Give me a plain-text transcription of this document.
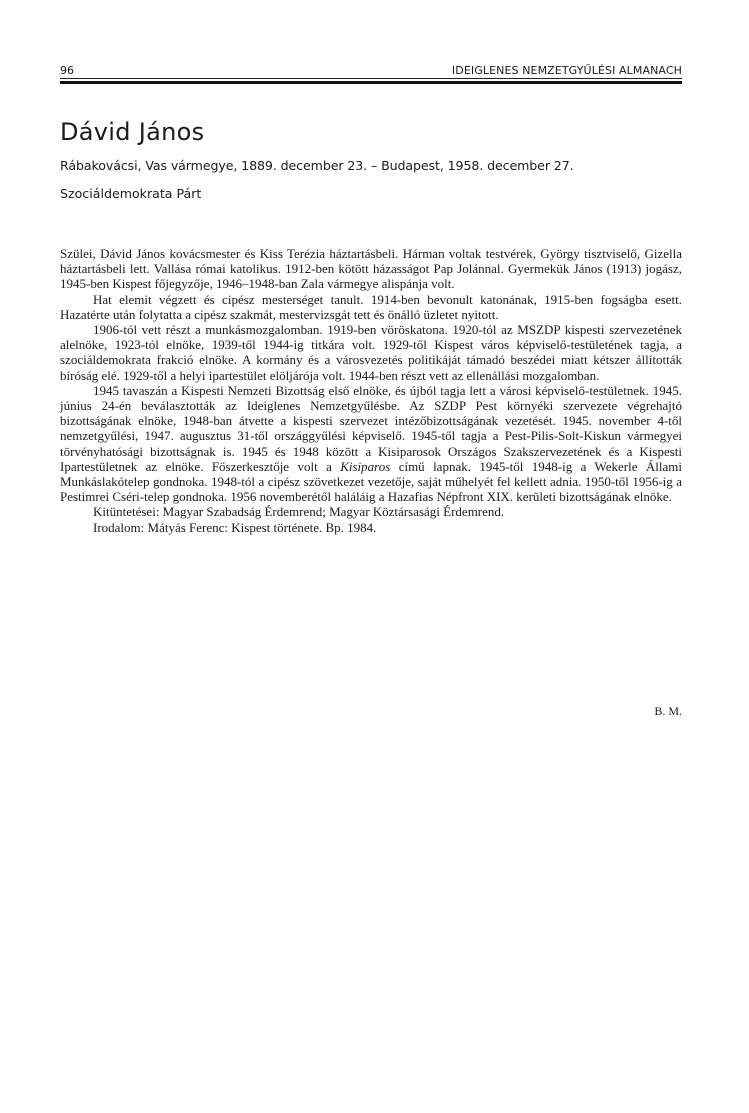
96	IDEIGLENES NEMZETGYŰLÉSI ALMANACH
Dávid János
Rábakovácsi, Vas vármegye, 1889. december 23. – Budapest, 1958. december 27.
Szociáldemokrata Párt

Szülei, Dávid János kovácsmester és Kiss Terézia háztartásbeli. Hárman voltak testvérek, György tisztviselő, Gizella háztartásbeli lett. Vallása római katolikus. 1912-ben kötött házasságot Pap Jolánnal. Gyermekük János (1913) jogász, 1945-ben Kispest főjegyzője, 1946–1948-ban Zala vármegye alispánja volt.

Hat elemit végzett és cipész mesterséget tanult. 1914-ben bevonult katonának, 1915-ben fogságba esett. Hazatérte után folytatta a cipész szakmát, mestervizsgát tett és önálló üzletet nyitott.

1906-tól vett részt a munkásmozgalomban. 1919-ben vöröskatona. 1920-tól az MSZDP kispesti szervezetének alelnöke, 1923-tól elnöke, 1939-től 1944-ig titkára volt. 1929-től Kispest város képviselő-testületének tagja, a szociáldemokrata frakció elnöke. A kormány és a városvezetés politikáját támadó beszédei miatt kétszer állították bíróság elé. 1929-től a helyi ipartestület elöljárója volt. 1944-ben részt vett az ellenállási mozgalomban.

1945 tavaszán a Kispesti Nemzeti Bizottság első elnöke, és újból tagja lett a városi képviselő-testületnek. 1945. június 24-én beválasztották az Ideiglenes Nemzetgyűlésbe. Az SZDP Pest környéki szervezete végrehajtó bizottságának elnöke, 1948-ban átvette a kispesti szervezet intézőbizottságának vezetését. 1945. november 4-től nemzetgyűlési, 1947. augusztus 31-től országgyűlési képviselő. 1945-től tagja a Pest-Pilis-Solt-Kiskun vármegyei törvényhatósági bizottságnak is. 1945 és 1948 között a Kisiparosok Országos Szakszervezetének és a Kispesti Ipartestületnek az elnöke. Főszerkesztője volt a Kisiparos című lapnak. 1945-től 1948-ig a Wekerle Állami Munkáslakótelep gondnoka. 1948-tól a cipész szövetkezet vezetője, saját műhelyét fel kellett adnia. 1950-től 1956-ig a Pestimrei Cséri-telep gondnoka. 1956 novemberétől haláláig a Hazafias Népfront XIX. kerületi bizottságának elnöke.

Kitüntetései: Magyar Szabadság Érdemrend; Magyar Köztársasági Érdemrend.

Irodalom: Mátyás Ferenc: Kispest története. Bp. 1984.

B. M.
